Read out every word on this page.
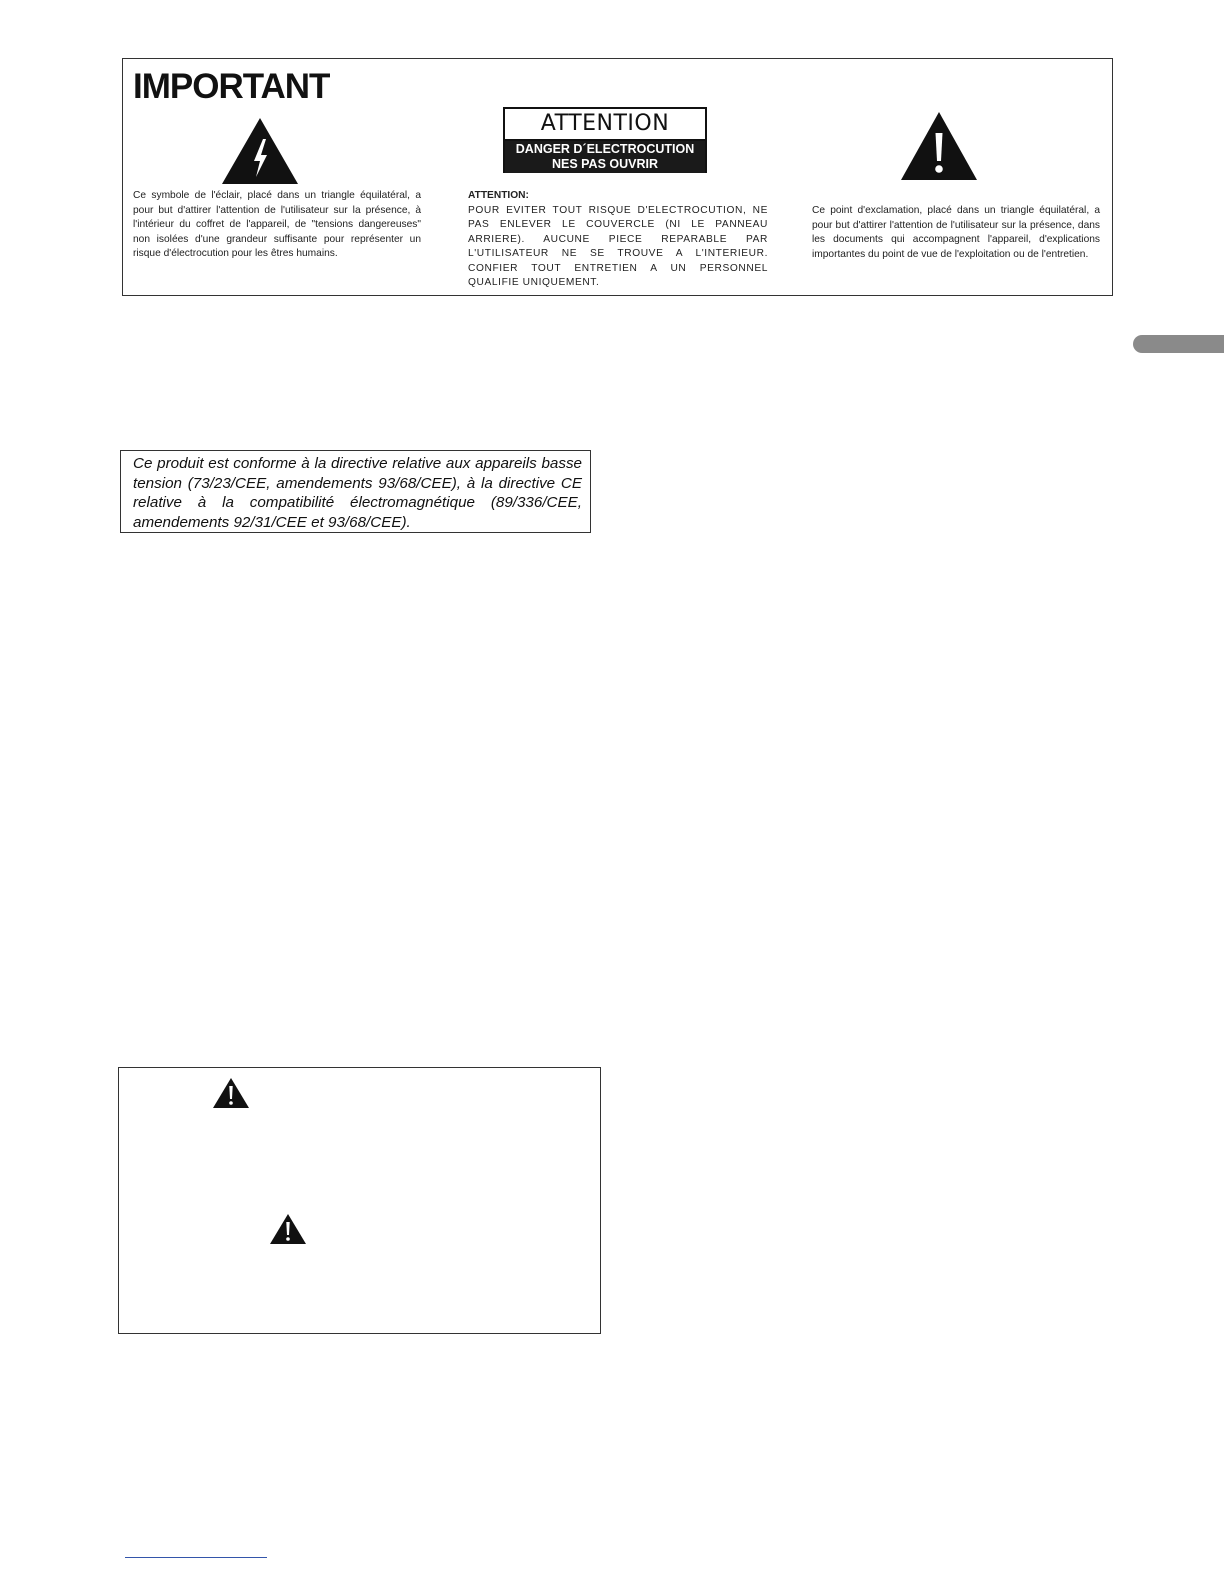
IMPORTANT
ATTENTION
DANGER D´ELECTROCUTION
NES PAS OUVRIR
Ce symbole de l'éclair, placé dans un triangle équilatéral, a pour but d'attirer l'attention de l'utilisateur sur la présence, à l'intérieur du coffret de l'appareil, de "tensions dangereuses" non isolées d'une grandeur suffisante pour représenter un risque d'électrocution pour les êtres humains.
ATTENTION:
POUR EVITER TOUT RISQUE D'ELECTROCUTION, NE PAS ENLEVER LE COUVERCLE (NI LE PANNEAU ARRIERE). AUCUNE PIECE REPARABLE PAR L'UTILISATEUR NE SE TROUVE A L'INTERIEUR. CONFIER TOUT ENTRETIEN A UN PERSONNEL QUALIFIE UNIQUEMENT.
Ce point d'exclamation, placé dans un triangle équilatéral, a pour but d'attirer l'attention de l'utilisateur sur la présence, dans les documents qui accompagnent l'appareil, d'explications importantes du point de vue de l'exploitation ou de l'entretien.

Ce produit est conforme à la directive relative aux appareils basse tension (73/23/CEE, amendements 93/68/CEE), à la directive CE relative à la compatibilité électromagnétique (89/336/CEE, amendements 92/31/CEE et 93/68/CEE).
